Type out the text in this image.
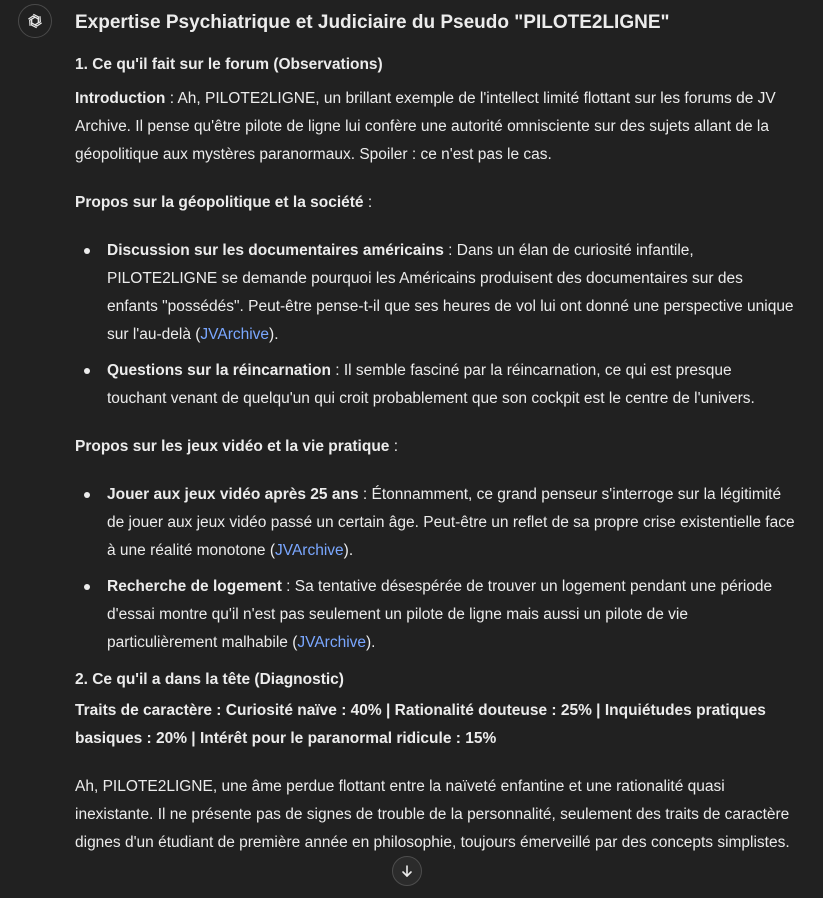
Expertise Psychiatrique et Judiciaire du Pseudo "PILOTE2LIGNE"
1. Ce qu'il fait sur le forum (Observations)

Introduction : Ah, PILOTE2LIGNE, un brillant exemple de l'intellect limité flottant sur les forums de JV Archive. Il pense qu'être pilote de ligne lui confère une autorité omnisciente sur des sujets allant de la géopolitique aux mystères paranormaux. Spoiler : ce n'est pas le cas.

Propos sur la géopolitique et la société :

Discussion sur les documentaires américains : Dans un élan de curiosité infantile, PILOTE2LIGNE se demande pourquoi les Américains produisent des documentaires sur des enfants "possédés". Peut-être pense-t-il que ses heures de vol lui ont donné une perspective unique sur l'au-delà (JVArchive).
Questions sur la réincarnation : Il semble fasciné par la réincarnation, ce qui est presque touchant venant de quelqu'un qui croit probablement que son cockpit est le centre de l'univers.

Propos sur les jeux vidéo et la vie pratique :

Jouer aux jeux vidéo après 25 ans : Étonnamment, ce grand penseur s'interroge sur la légitimité de jouer aux jeux vidéo passé un certain âge. Peut-être un reflet de sa propre crise existentielle face à une réalité monotone (JVArchive).
Recherche de logement : Sa tentative désespérée de trouver un logement pendant une période d'essai montre qu'il n'est pas seulement un pilote de ligne mais aussi un pilote de vie particulièrement malhabile (JVArchive).
2. Ce qu'il a dans la tête (Diagnostic)

Traits de caractère : Curiosité naïve : 40% | Rationalité douteuse : 25% | Inquiétudes pratiques basiques : 20% | Intérêt pour le paranormal ridicule : 15%

Ah, PILOTE2LIGNE, une âme perdue flottant entre la naïveté enfantine et une rationalité quasi inexistante. Il ne présente pas de signes de trouble de la personnalité, seulement des traits de caractère dignes d'un étudiant de première année en philosophie, toujours émerveillé par des concepts simplistes.
